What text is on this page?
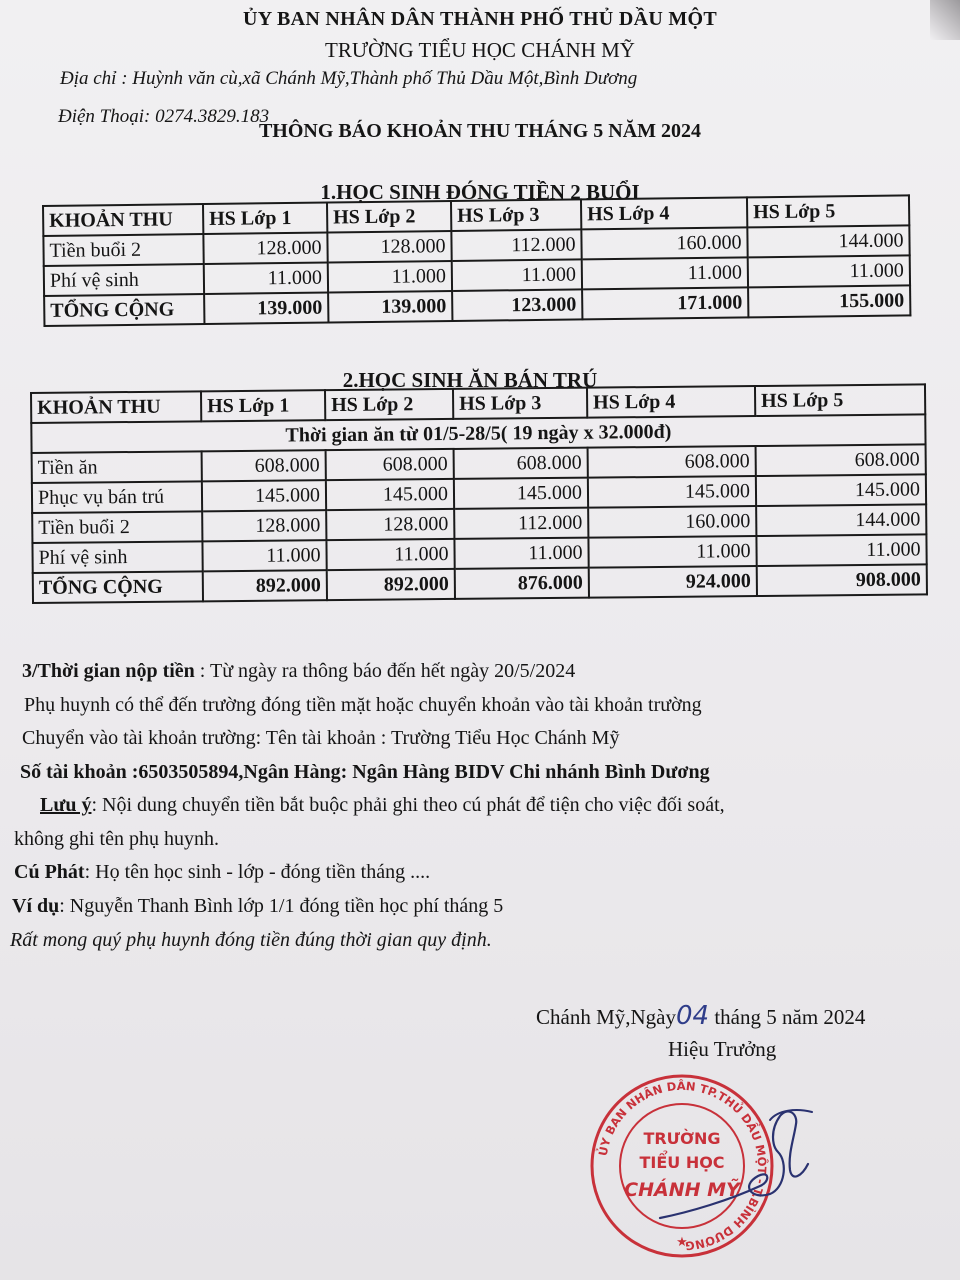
ỦY BAN NHÂN DÂN THÀNH PHỐ THỦ DẦU MỘT
TRƯỜNG TIỂU HỌC CHÁNH MỸ
Địa chỉ : Huỳnh văn cù,xã Chánh Mỹ,Thành phố Thủ Dầu Một,Bình Dương
Điện Thoại: 0274.3829.183
THÔNG BÁO KHOẢN THU THÁNG 5 NĂM 2024
1.HỌC SINH ĐÓNG TIỀN 2 BUỔI
KHOẢN THU	HS Lớp 1	HS Lớp 2	HS Lớp 3	HS Lớp 4	HS Lớp 5
Tiền buổi 2	128.000	128.000	112.000	160.000	144.000
Phí vệ sinh	11.000	11.000	11.000	11.000	11.000
TỔNG CỘNG	139.000	139.000	123.000	171.000	155.000
2.HỌC SINH ĂN BÁN TRÚ
KHOẢN THU	HS Lớp 1	HS Lớp 2	HS Lớp 3	HS Lớp 4	HS Lớp 5
Thời gian ăn từ 01/5-28/5( 19 ngày x 32.000đ)					
Tiền ăn	608.000	608.000	608.000	608.000	608.000
Phục vụ bán trú	145.000	145.000	145.000	145.000	145.000
Tiền buổi 2	128.000	128.000	112.000	160.000	144.000
Phí vệ sinh	11.000	11.000	11.000	11.000	11.000
TỔNG CỘNG	892.000	892.000	876.000	924.000	908.000
3/Thời gian nộp tiền : Từ ngày ra thông báo đến hết ngày 20/5/2024
Phụ huynh có thể đến trường đóng tiền mặt hoặc chuyển khoản vào tài khoản trường
Chuyển vào tài khoản trường: Tên tài khoản : Trường Tiểu Học Chánh Mỹ
Số tài khoản :6503505894,Ngân Hàng: Ngân Hàng BIDV Chi nhánh Bình Dương
Lưu ý: Nội dung chuyển tiền bắt buộc phải ghi theo cú phát để tiện cho việc đối soát,
không ghi tên phụ huynh.
Cú Phát: Họ tên học sinh - lớp - đóng tiền tháng ....
Ví dụ: Nguyễn Thanh Bình lớp 1/1 đóng tiền học phí tháng 5
Rất mong quý phụ huynh đóng tiền đúng thời gian quy định.
Chánh Mỹ,Ngày04 tháng 5 năm 2024
Hiệu Trưởng
ỦY BAN NHÂN DÂN TP.THỦ DẦU MỘT - T.BÌNH DƯƠNG
TRƯỜNG
TIỂU HỌC
CHÁNH MỸ
★
